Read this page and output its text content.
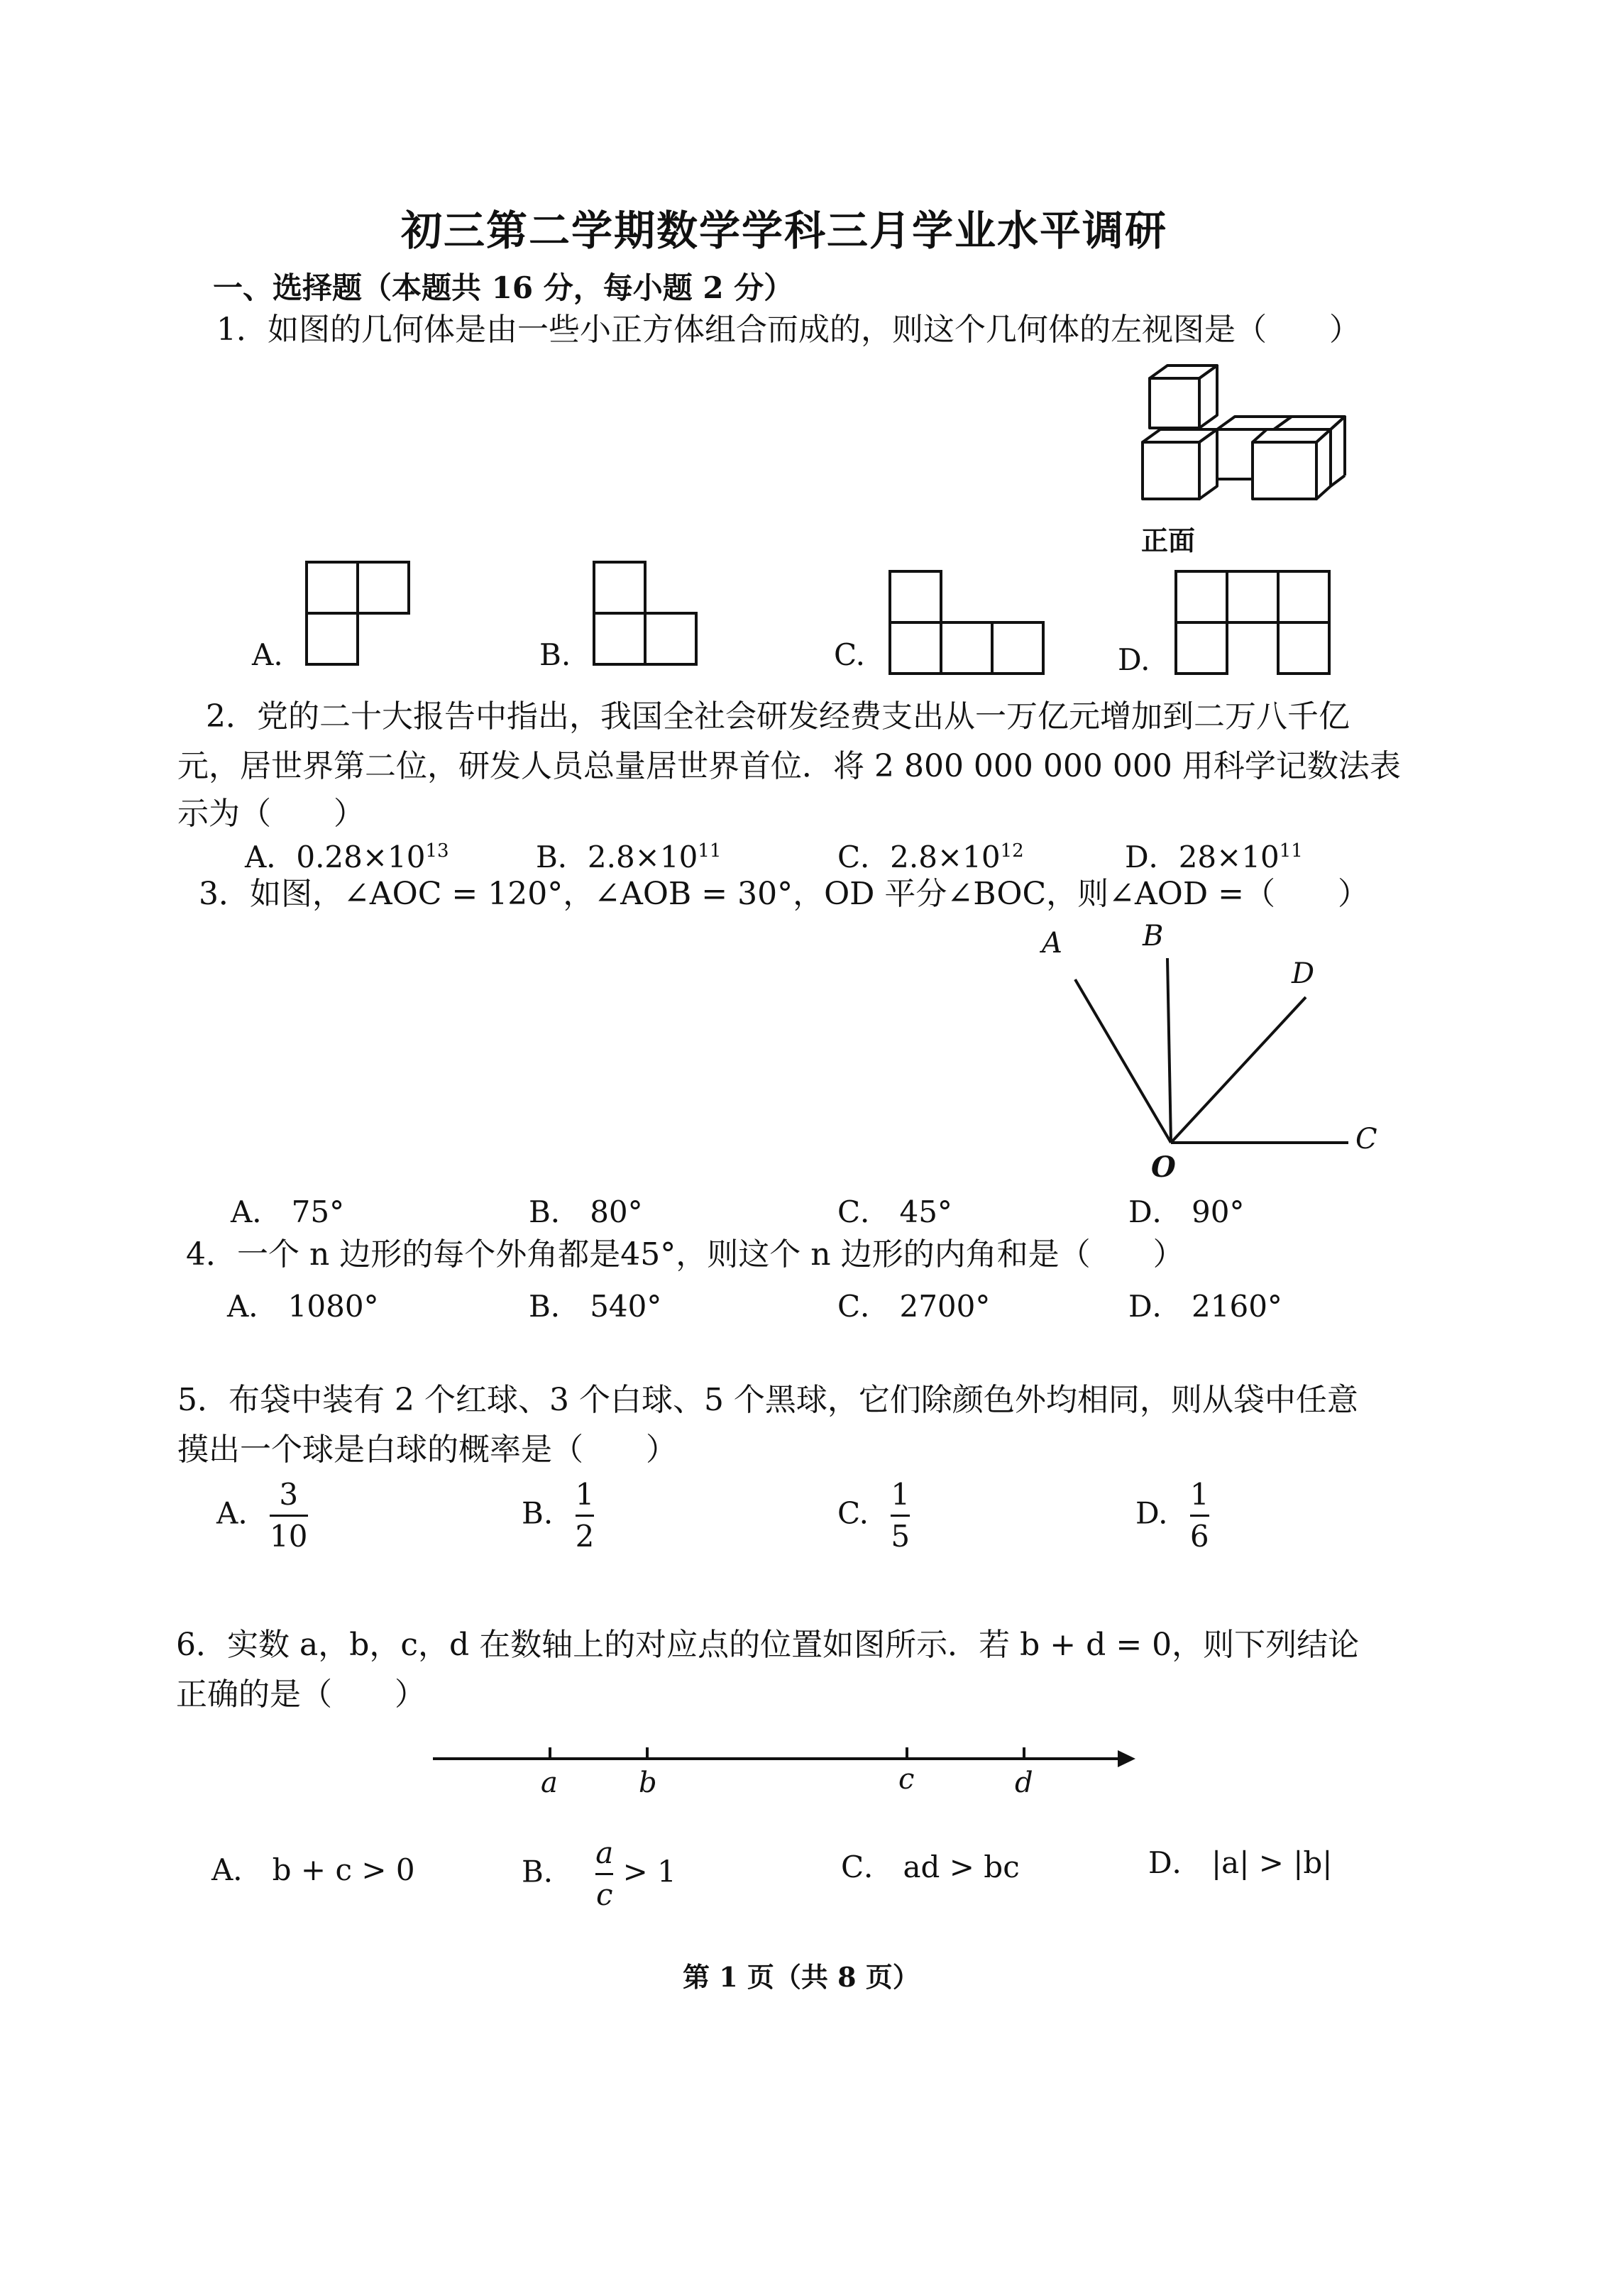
初三第二学期数学学科三月学业水平调研
一、选择题（本题共 16 分，每小题 2 分）
1．如图的几何体是由一些小正方体组合而成的，则这个几何体的左视图是（　　）
正面
A.	B.	C.	D.
2．党的二十大报告中指出，我国全社会研发经费支出从一万亿元增加到二万八千亿
元，居世界第二位，研发人员总量居世界首位．将 2 800 000 000 000 用科学记数法表
示为（　　）
A．$0.28\times 10^{13}$	B．$2.8\times 10^{11}$	C．$2.8\times 10^{12}$	D．$28\times 10^{11}$
3．如图，∠AOC = 120°，∠AOB = 30°，OD 平分∠BOC，则∠AOD =（　　）
A	B
D
C
O
A． 75°	B． 80°	C． 45°	D． 90°
4．一个 n 边形的每个外角都是45°，则这个 n 边形的内角和是（　　）
A． 1080°	B． 540°	C． 2700°	D． 2160°
5．布袋中装有 2 个红球、3 个白球、5 个黑球，它们除颜色外均相同，则从袋中任意
摸出一个球是白球的概率是（　　）
A. $\frac{3}{10}$	B. $\frac{1}{2}$	C. $\frac{1}{5}$	D. $\frac{1}{6}$
6．实数 a，b，c，d 在数轴上的对应点的位置如图所示．若 b + d = 0，则下列结论
正确的是（　　）
a	b	c	d
A． b + c > 0	B． $\frac{a}{c} > 1$	C． ad > bc	D． |a| > |b|
第 1 页（共 8 页）
